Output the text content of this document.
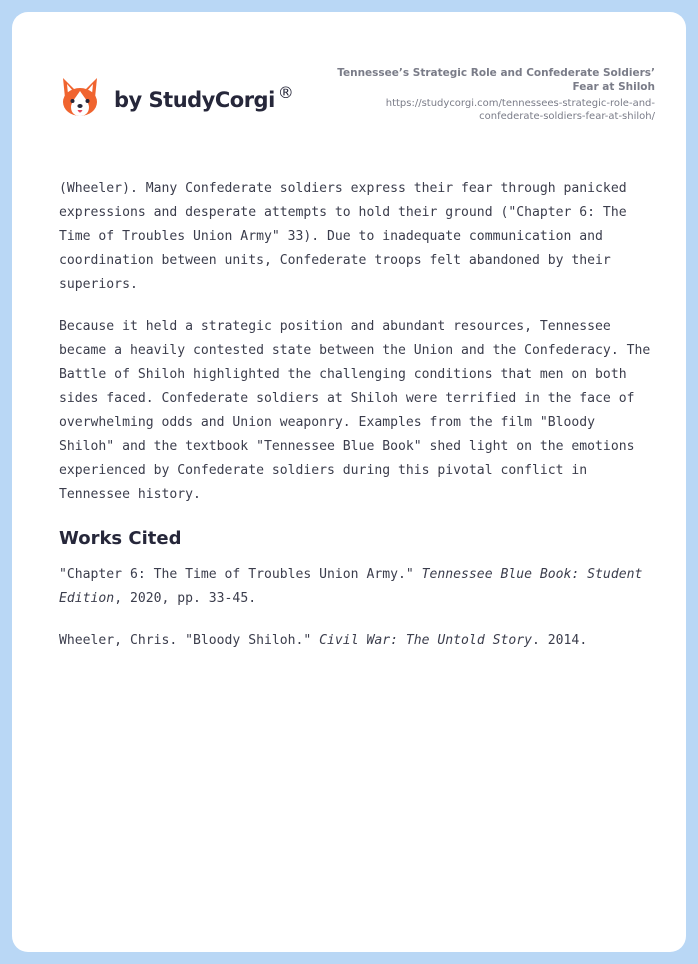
by StudyCorgi ®
Tennessee’s Strategic Role and Confederate Soldiers’
Fear at Shiloh
https://studycorgi.com/tennessees-strategic-role-and-
confederate-soldiers-fear-at-shiloh/

(Wheeler). Many Confederate soldiers express their fear through panicked expressions and desperate attempts to hold their ground ("Chapter 6: The Time of Troubles Union Army" 33). Due to inadequate communication and coordination between units, Confederate troops felt abandoned by their superiors.

Because it held a strategic position and abundant resources, Tennessee became a heavily contested state between the Union and the Confederacy. The Battle of Shiloh highlighted the challenging conditions that men on both sides faced. Confederate soldiers at Shiloh were terrified in the face of overwhelming odds and Union weaponry. Examples from the film "Bloody Shiloh" and the textbook "Tennessee Blue Book" shed light on the emotions experienced by Confederate soldiers during this pivotal conflict in Tennessee history.

Works Cited

"Chapter 6: The Time of Troubles Union Army." Tennessee Blue Book: Student Edition, 2020, pp. 33-45.

Wheeler, Chris. "Bloody Shiloh." Civil War: The Untold Story. 2014.
